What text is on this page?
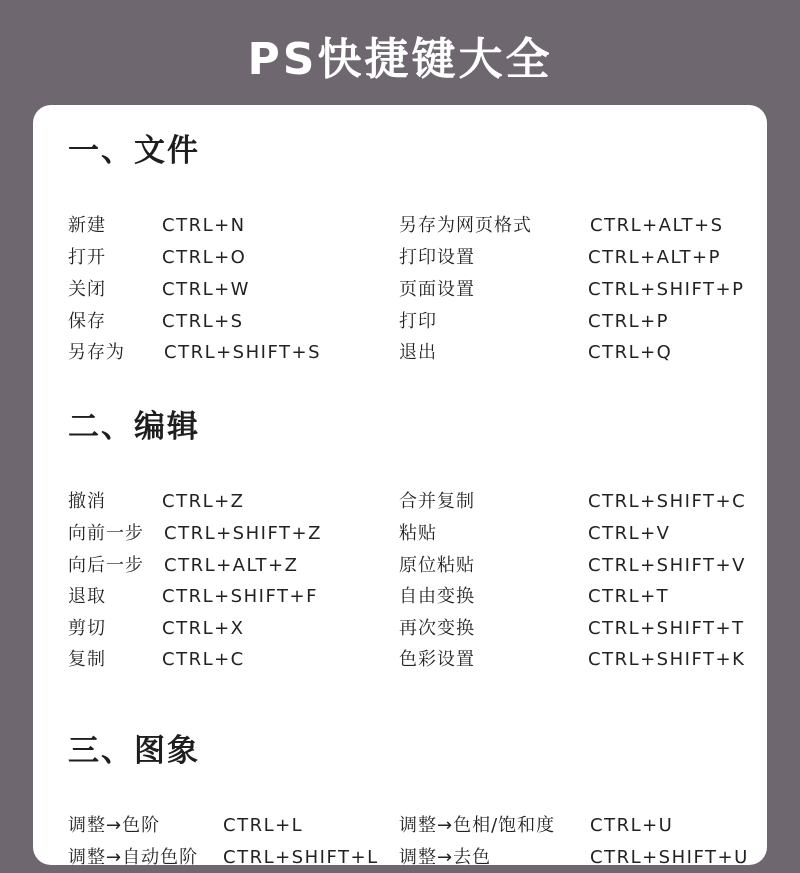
PS快捷键大全
一、文件
新建	CTRL+N	另存为网页格式	CTRL+ALT+S
打开	CTRL+O	打印设置	CTRL+ALT+P
关闭	CTRL+W	页面设置	CTRL+SHIFT+P
保存	CTRL+S	打印	CTRL+P
另存为 CTRL+SHIFT+S	退出	CTRL+Q
二、编辑
撤消	CTRL+Z	合并复制	CTRL+SHIFT+C
向前一步 CTRL+SHIFT+Z	粘贴	CTRL+V
向后一步 CTRL+ALT+Z	原位粘贴	CTRL+SHIFT+V
退取	CTRL+SHIFT+F	自由变换	CTRL+T
剪切	CTRL+X	再次变换	CTRL+SHIFT+T
复制	CTRL+C	色彩设置	CTRL+SHIFT+K
三、图象
调整→色阶	CTRL+L	调整→色相/饱和度 CTRL+U
调整→自动色阶 CTRL+SHIFT+L 调整→去色	CTRL+SHIFT+U
